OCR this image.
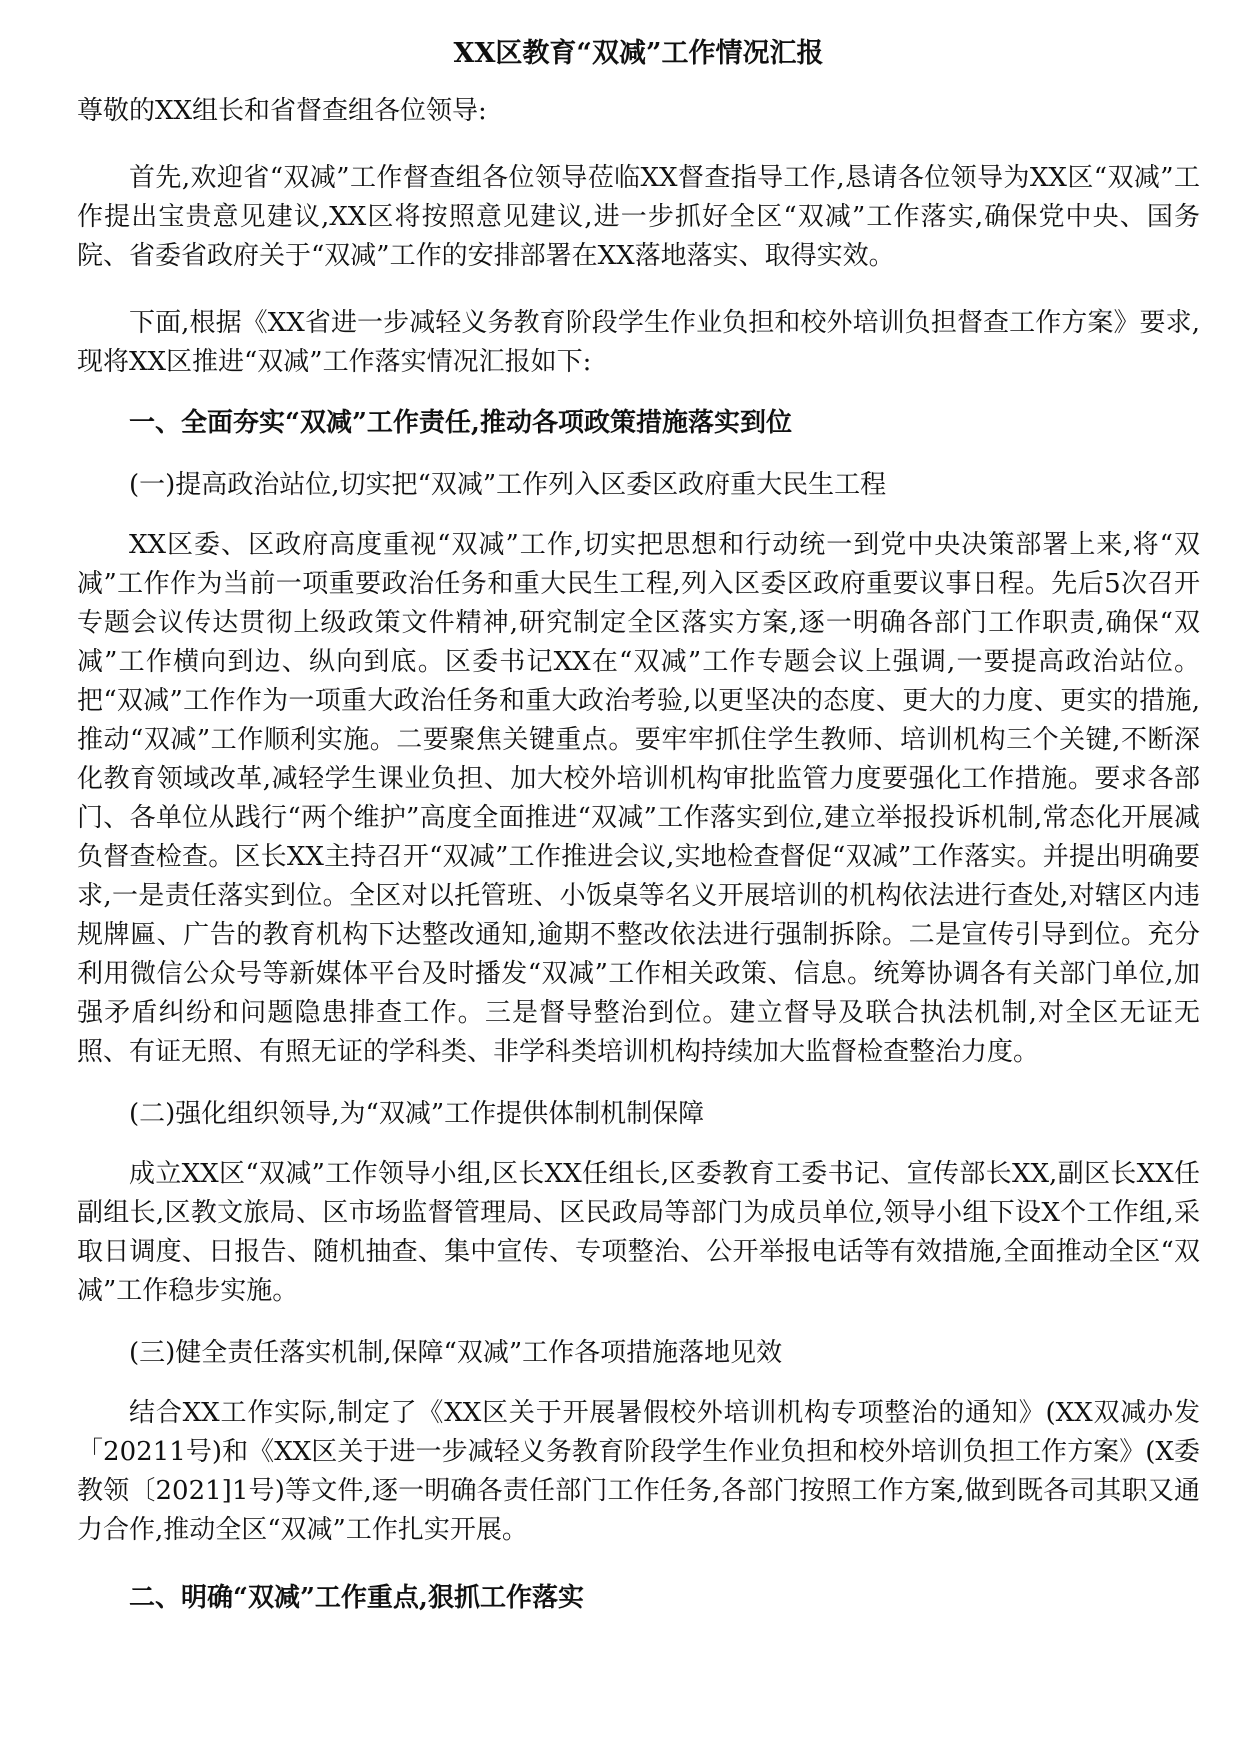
XX区教育“双减”工作情况汇报

尊敬的XX组长和省督查组各位领导:

首先,欢迎省“双减”工作督查组各位领导莅临XX督查指导工作,恳请各位领导为XX区“双减”工作提出宝贵意见建议,XX区将按照意见建议,进一步抓好全区“双减”工作落实,确保党中央、国务院、省委省政府关于“双减”工作的安排部署在XX落地落实、取得实效。

下面,根据《XX省进一步减轻义务教育阶段学生作业负担和校外培训负担督查工作方案》要求,现将XX区推进“双减”工作落实情况汇报如下:

一、全面夯实“双减”工作责任,推动各项政策措施落实到位

(一)提高政治站位,切实把“双减”工作列入区委区政府重大民生工程

XX区委、区政府高度重视“双减”工作,切实把思想和行动统一到党中央决策部署上来,将“双减”工作作为当前一项重要政治任务和重大民生工程,列入区委区政府重要议事日程。先后5次召开专题会议传达贯彻上级政策文件精神,研究制定全区落实方案,逐一明确各部门工作职责,确保“双减”工作横向到边、纵向到底。区委书记XX在“双减”工作专题会议上强调,一要提高政治站位。把“双减”工作作为一项重大政治任务和重大政治考验,以更坚决的态度、更大的力度、更实的措施,推动“双减”工作顺利实施。二要聚焦关键重点。要牢牢抓住学生教师、培训机构三个关键,不断深化教育领域改革,减轻学生课业负担、加大校外培训机构审批监管力度要强化工作措施。要求各部门、各单位从践行“两个维护”高度全面推进“双减”工作落实到位,建立举报投诉机制,常态化开展减负督查检查。区长XX主持召开“双减”工作推进会议,实地检查督促“双减”工作落实。并提出明确要求,一是责任落实到位。全区对以托管班、小饭桌等名义开展培训的机构依法进行查处,对辖区内违规牌匾、广告的教育机构下达整改通知,逾期不整改依法进行强制拆除。二是宣传引导到位。充分利用微信公众号等新媒体平台及时播发“双减”工作相关政策、信息。统筹协调各有关部门单位,加强矛盾纠纷和问题隐患排查工作。三是督导整治到位。建立督导及联合执法机制,对全区无证无照、有证无照、有照无证的学科类、非学科类培训机构持续加大监督检查整治力度。

(二)强化组织领导,为“双减”工作提供体制机制保障

成立XX区“双减”工作领导小组,区长XX任组长,区委教育工委书记、宣传部长XX,副区长XX任副组长,区教文旅局、区市场监督管理局、区民政局等部门为成员单位,领导小组下设X个工作组,采取日调度、日报告、随机抽查、集中宣传、专项整治、公开举报电话等有效措施,全面推动全区“双减”工作稳步实施。

(三)健全责任落实机制,保障“双减”工作各项措施落地见效

结合XX工作实际,制定了《XX区关于开展暑假校外培训机构专项整治的通知》(XX双减办发「20211号)和《XX区关于进一步减轻义务教育阶段学生作业负担和校外培训负担工作方案》(X委教领〔2021]1号)等文件,逐一明确各责任部门工作任务,各部门按照工作方案,做到既各司其职又通力合作,推动全区“双减”工作扎实开展。

二、明确“双减”工作重点,狠抓工作落实
